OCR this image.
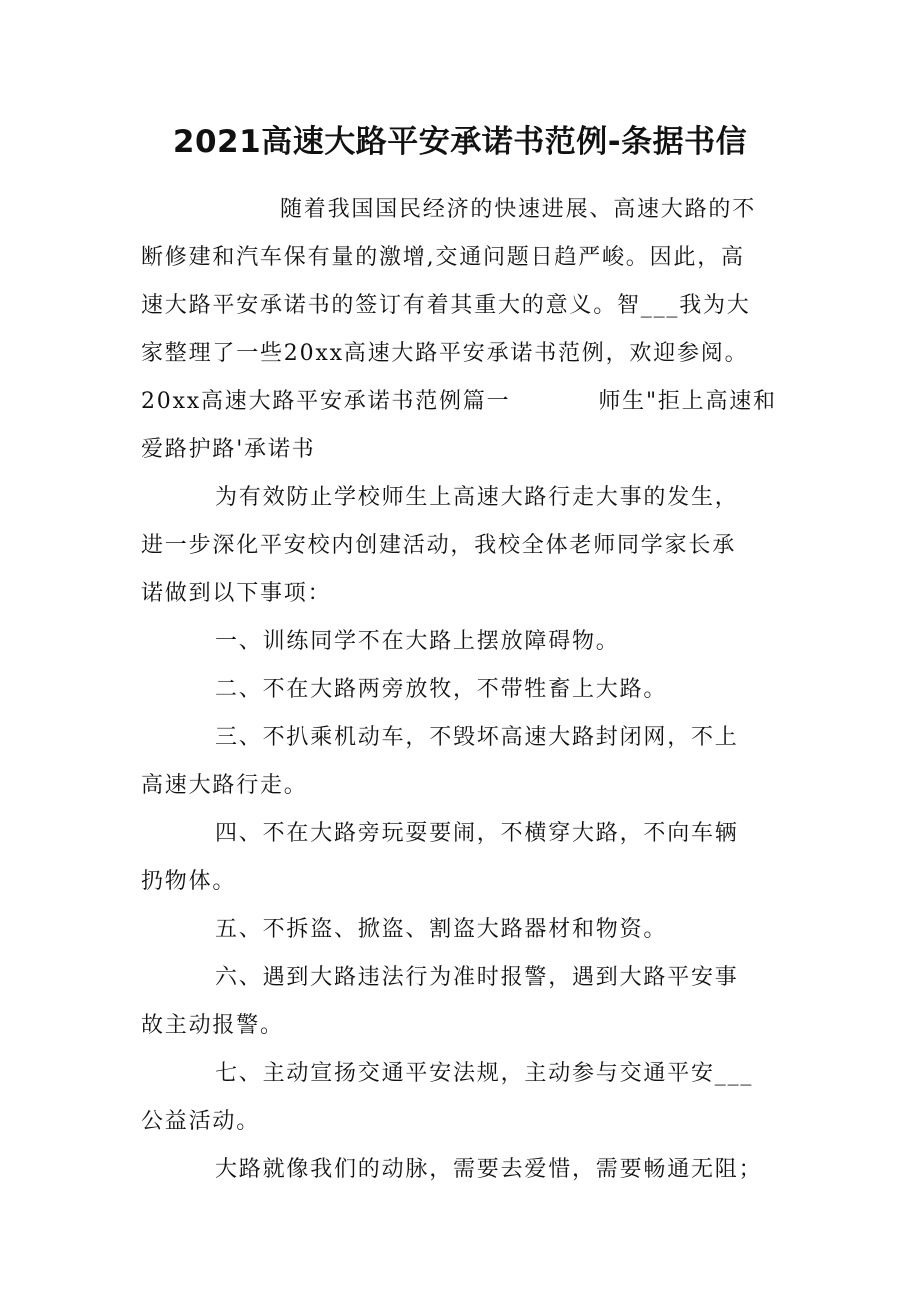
2021高速大路平安承诺书范例-条据书信

随着我国国民经济的快速进展、高速大路的不

断修建和汽车保有量的激增,交通问题日趋严峻。因此，高

速大路平安承诺书的签订有着其重大的意义。智___我为大

家整理了一些20xx高速大路平安承诺书范例，欢迎参阅。

20xx高速大路平安承诺书范例篇一          师生"拒上高速和

爱路护路'承诺书

为有效防止学校师生上高速大路行走大事的发生，

进一步深化平安校内创建活动，我校全体老师同学家长承

诺做到以下事项：

一、训练同学不在大路上摆放障碍物。

二、不在大路两旁放牧，不带牲畜上大路。

三、不扒乘机动车，不毁坏高速大路封闭网，不上

高速大路行走。

四、不在大路旁玩耍要闹，不横穿大路，不向车辆

扔物体。

五、不拆盗、掀盗、割盗大路器材和物资。

六、遇到大路违法行为准时报警，遇到大路平安事

故主动报警。

七、主动宣扬交通平安法规，主动参与交通平安___

公益活动。

大路就像我们的动脉，需要去爱惜，需要畅通无阻；
